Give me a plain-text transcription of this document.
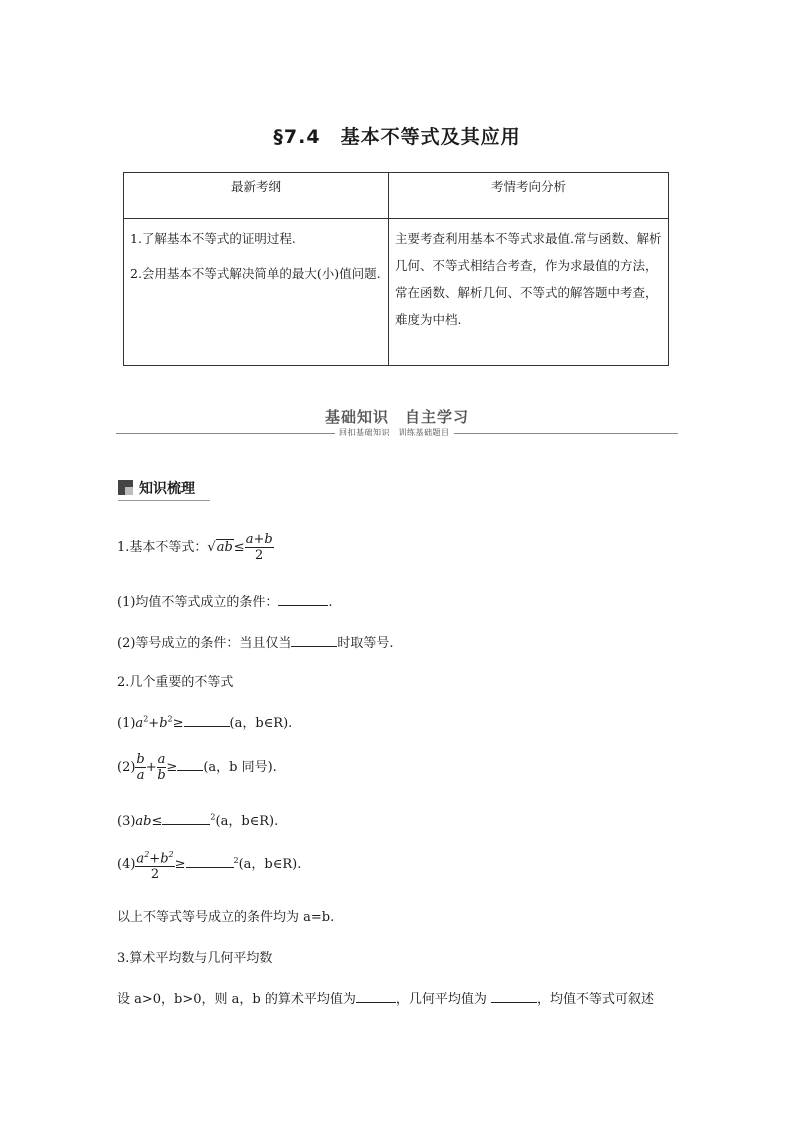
§7.4　基本不等式及其应用
最新考纲	考情考向分析

1.了解基本不等式的证明过程.

2.会用基本不等式解决简单的最大(小)值问题.	主要考查利用基本不等式求最值.常与函数、解析几何、不等式相结合考查，作为求最值的方法，常在函数、解析几何、不等式的解答题中考查，难度为中档.
基础知识　自主学习
回扣基础知识　训练基础题目
知识梳理
1.基本不等式：$√ab\le \frac{a+b}{2}$
(1)均值不等式成立的条件：	.
(2)等号成立的条件：当且仅当	时取等号.
2.几个重要的不等式
$(1)a^2+b^2\ge$	(a，b∈R).
$(2) \frac{b}{a} + \frac{a}{b} \ge (a$，b 同号).
(3)ab≤	$^2$(a，b∈R).
$(4) \frac{a^2+b^2}{2}$ ≥	$^2$(a，b∈R).
以上不等式等号成立的条件均为 a=b.
3.算术平均数与几何平均数
设 a>0，b>0，则 a，b 的算术平均值为	，几何平均值为	，均值不等式可叙述
